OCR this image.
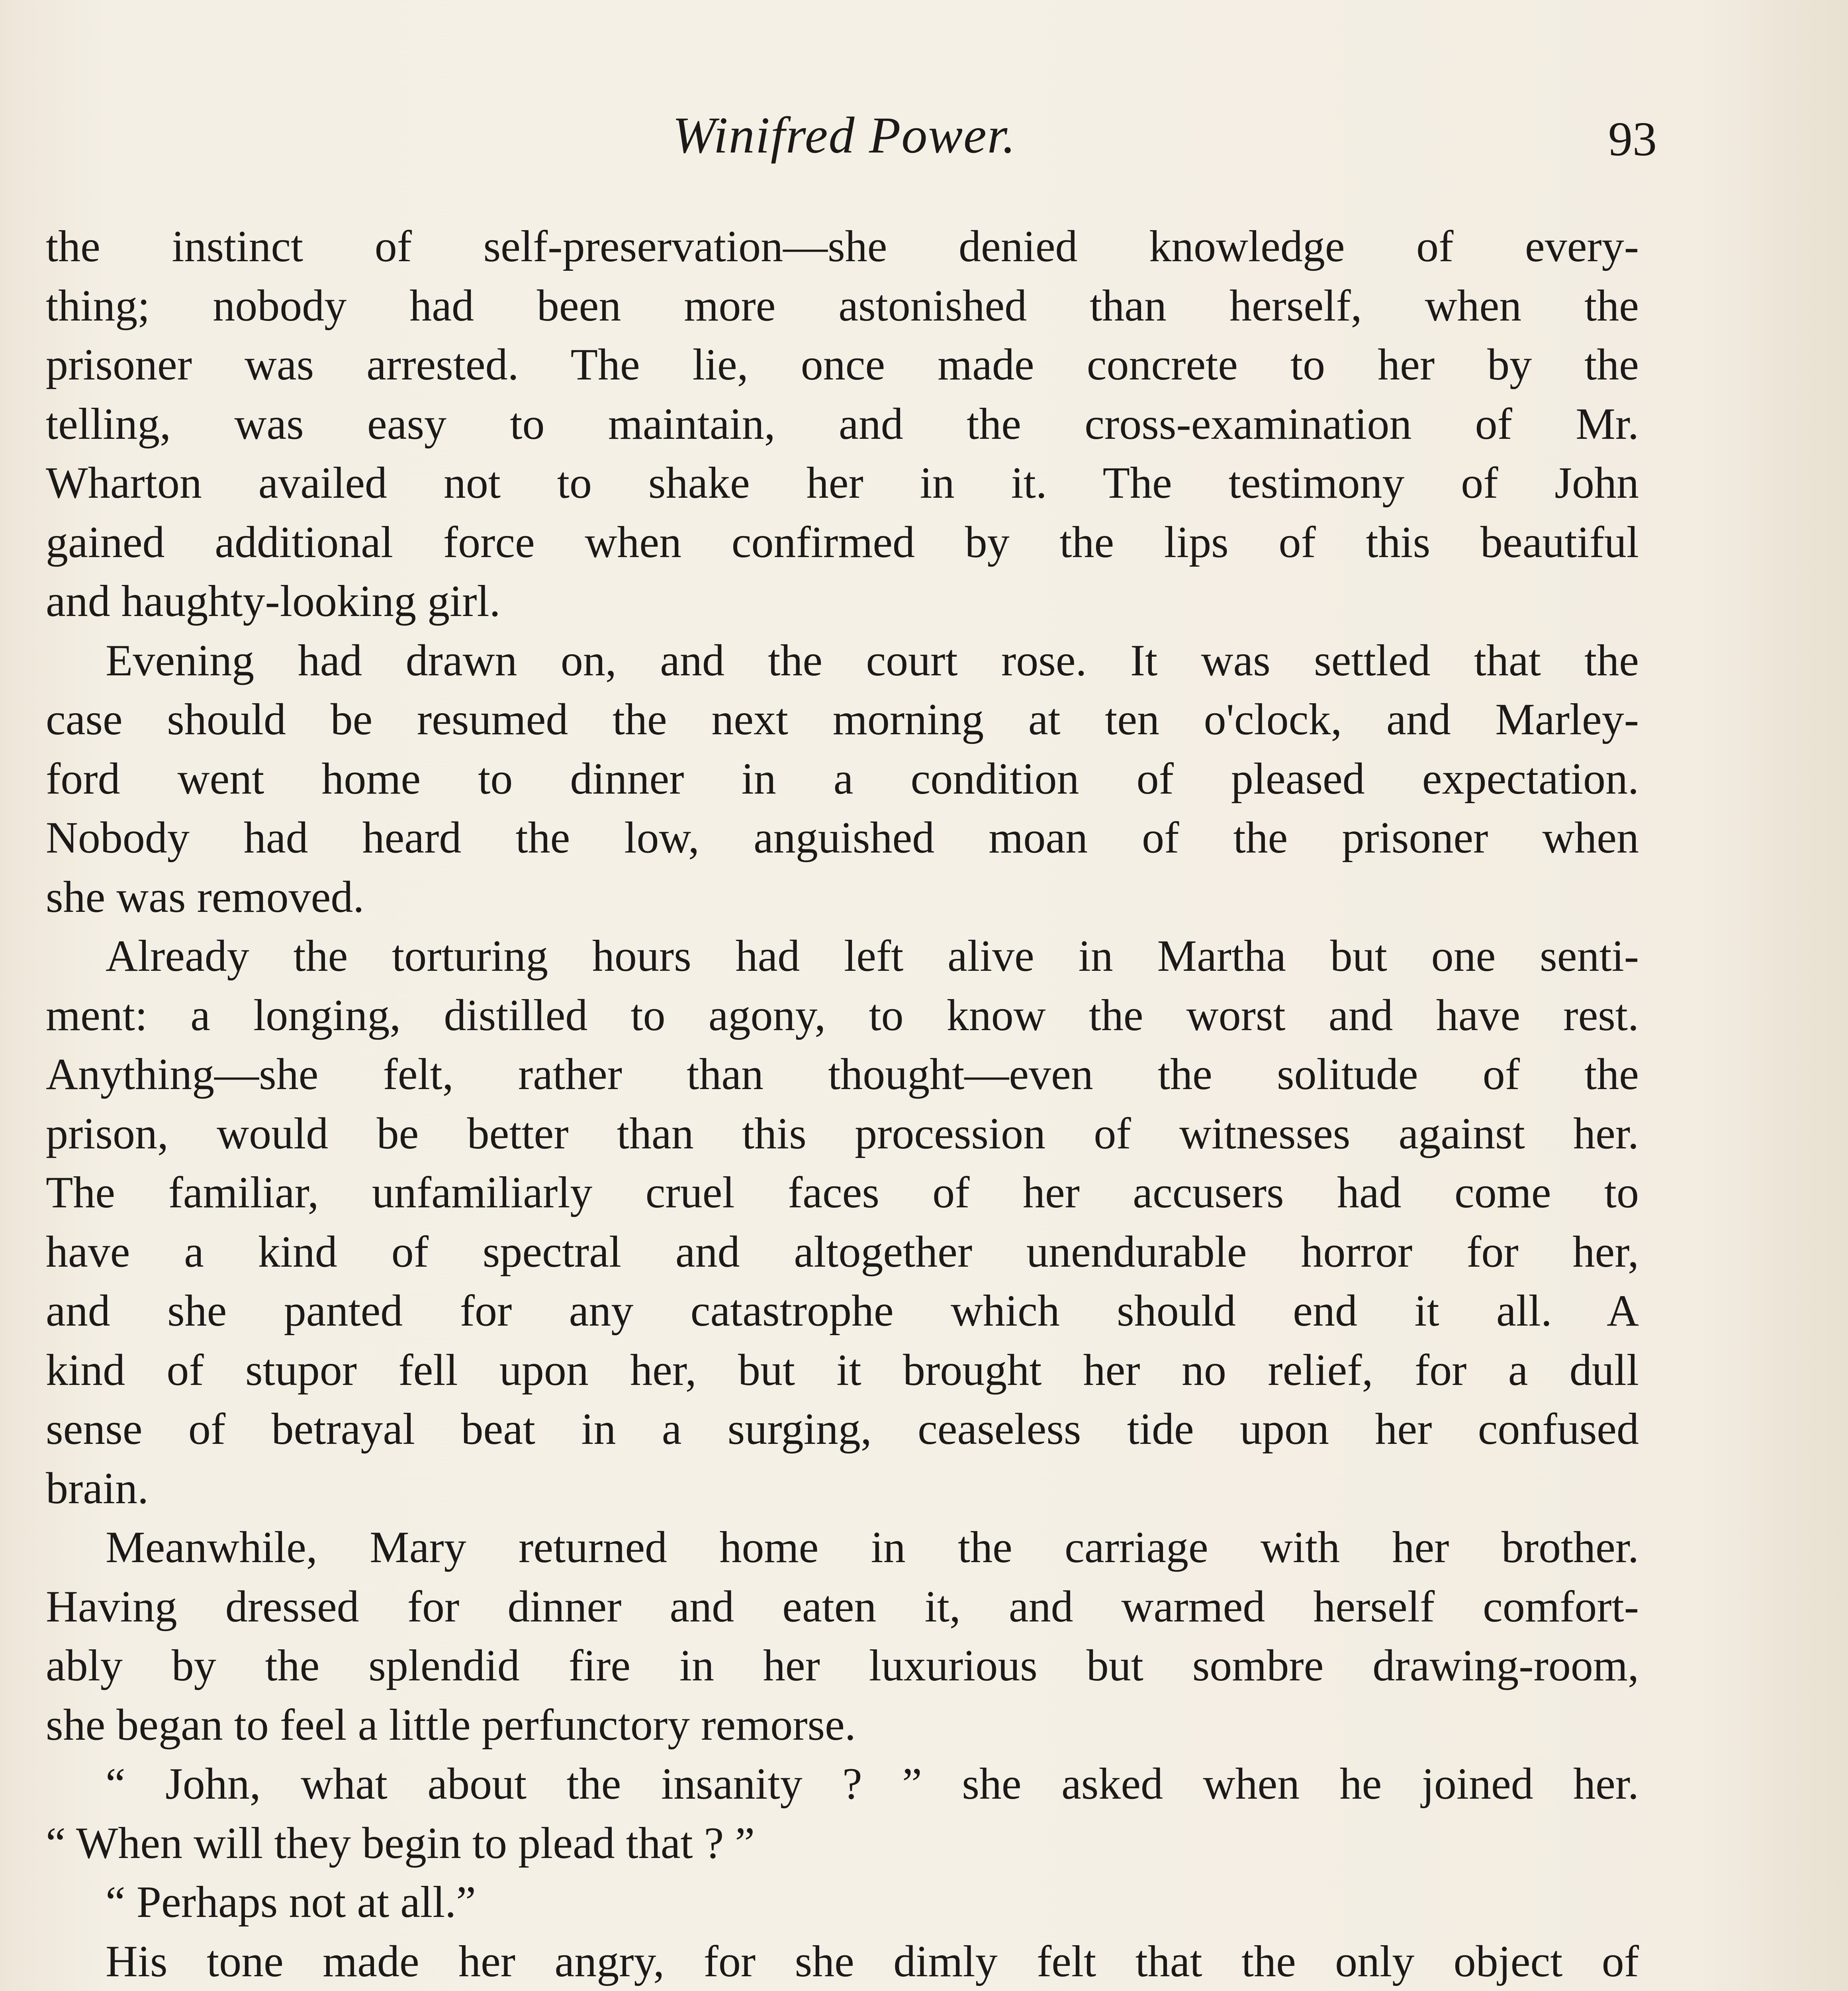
Winifred Power.	93
the instinct of self-preservation—she denied knowledge of every-
thing; nobody had been more astonished than herself, when the
prisoner was arrested. The lie, once made concrete to her by the
telling, was easy to maintain, and the cross-examination of Mr.
Wharton availed not to shake her in it. The testimony of John
gained additional force when confirmed by the lips of this beautiful
and haughty-looking girl.
Evening had drawn on, and the court rose. It was settled that the
case should be resumed the next morning at ten o'clock, and Marley-
ford went home to dinner in a condition of pleased expectation.
Nobody had heard the low, anguished moan of the prisoner when
she was removed.
Already the torturing hours had left alive in Martha but one senti-
ment: a longing, distilled to agony, to know the worst and have rest.
Anything—she felt, rather than thought—even the solitude of the
prison, would be better than this procession of witnesses against her.
The familiar, unfamiliarly cruel faces of her accusers had come to
have a kind of spectral and altogether unendurable horror for her,
and she panted for any catastrophe which should end it all. A
kind of stupor fell upon her, but it brought her no relief, for a dull
sense of betrayal beat in a surging, ceaseless tide upon her confused
brain.
Meanwhile, Mary returned home in the carriage with her brother.
Having dressed for dinner and eaten it, and warmed herself comfort-
ably by the splendid fire in her luxurious but sombre drawing-room,
she began to feel a little perfunctory remorse.
“ John, what about the insanity ? ” she asked when he joined her.
“ When will they begin to plead that ? ”
“ Perhaps not at all.”
His tone made her angry, for she dimly felt that the only object of
